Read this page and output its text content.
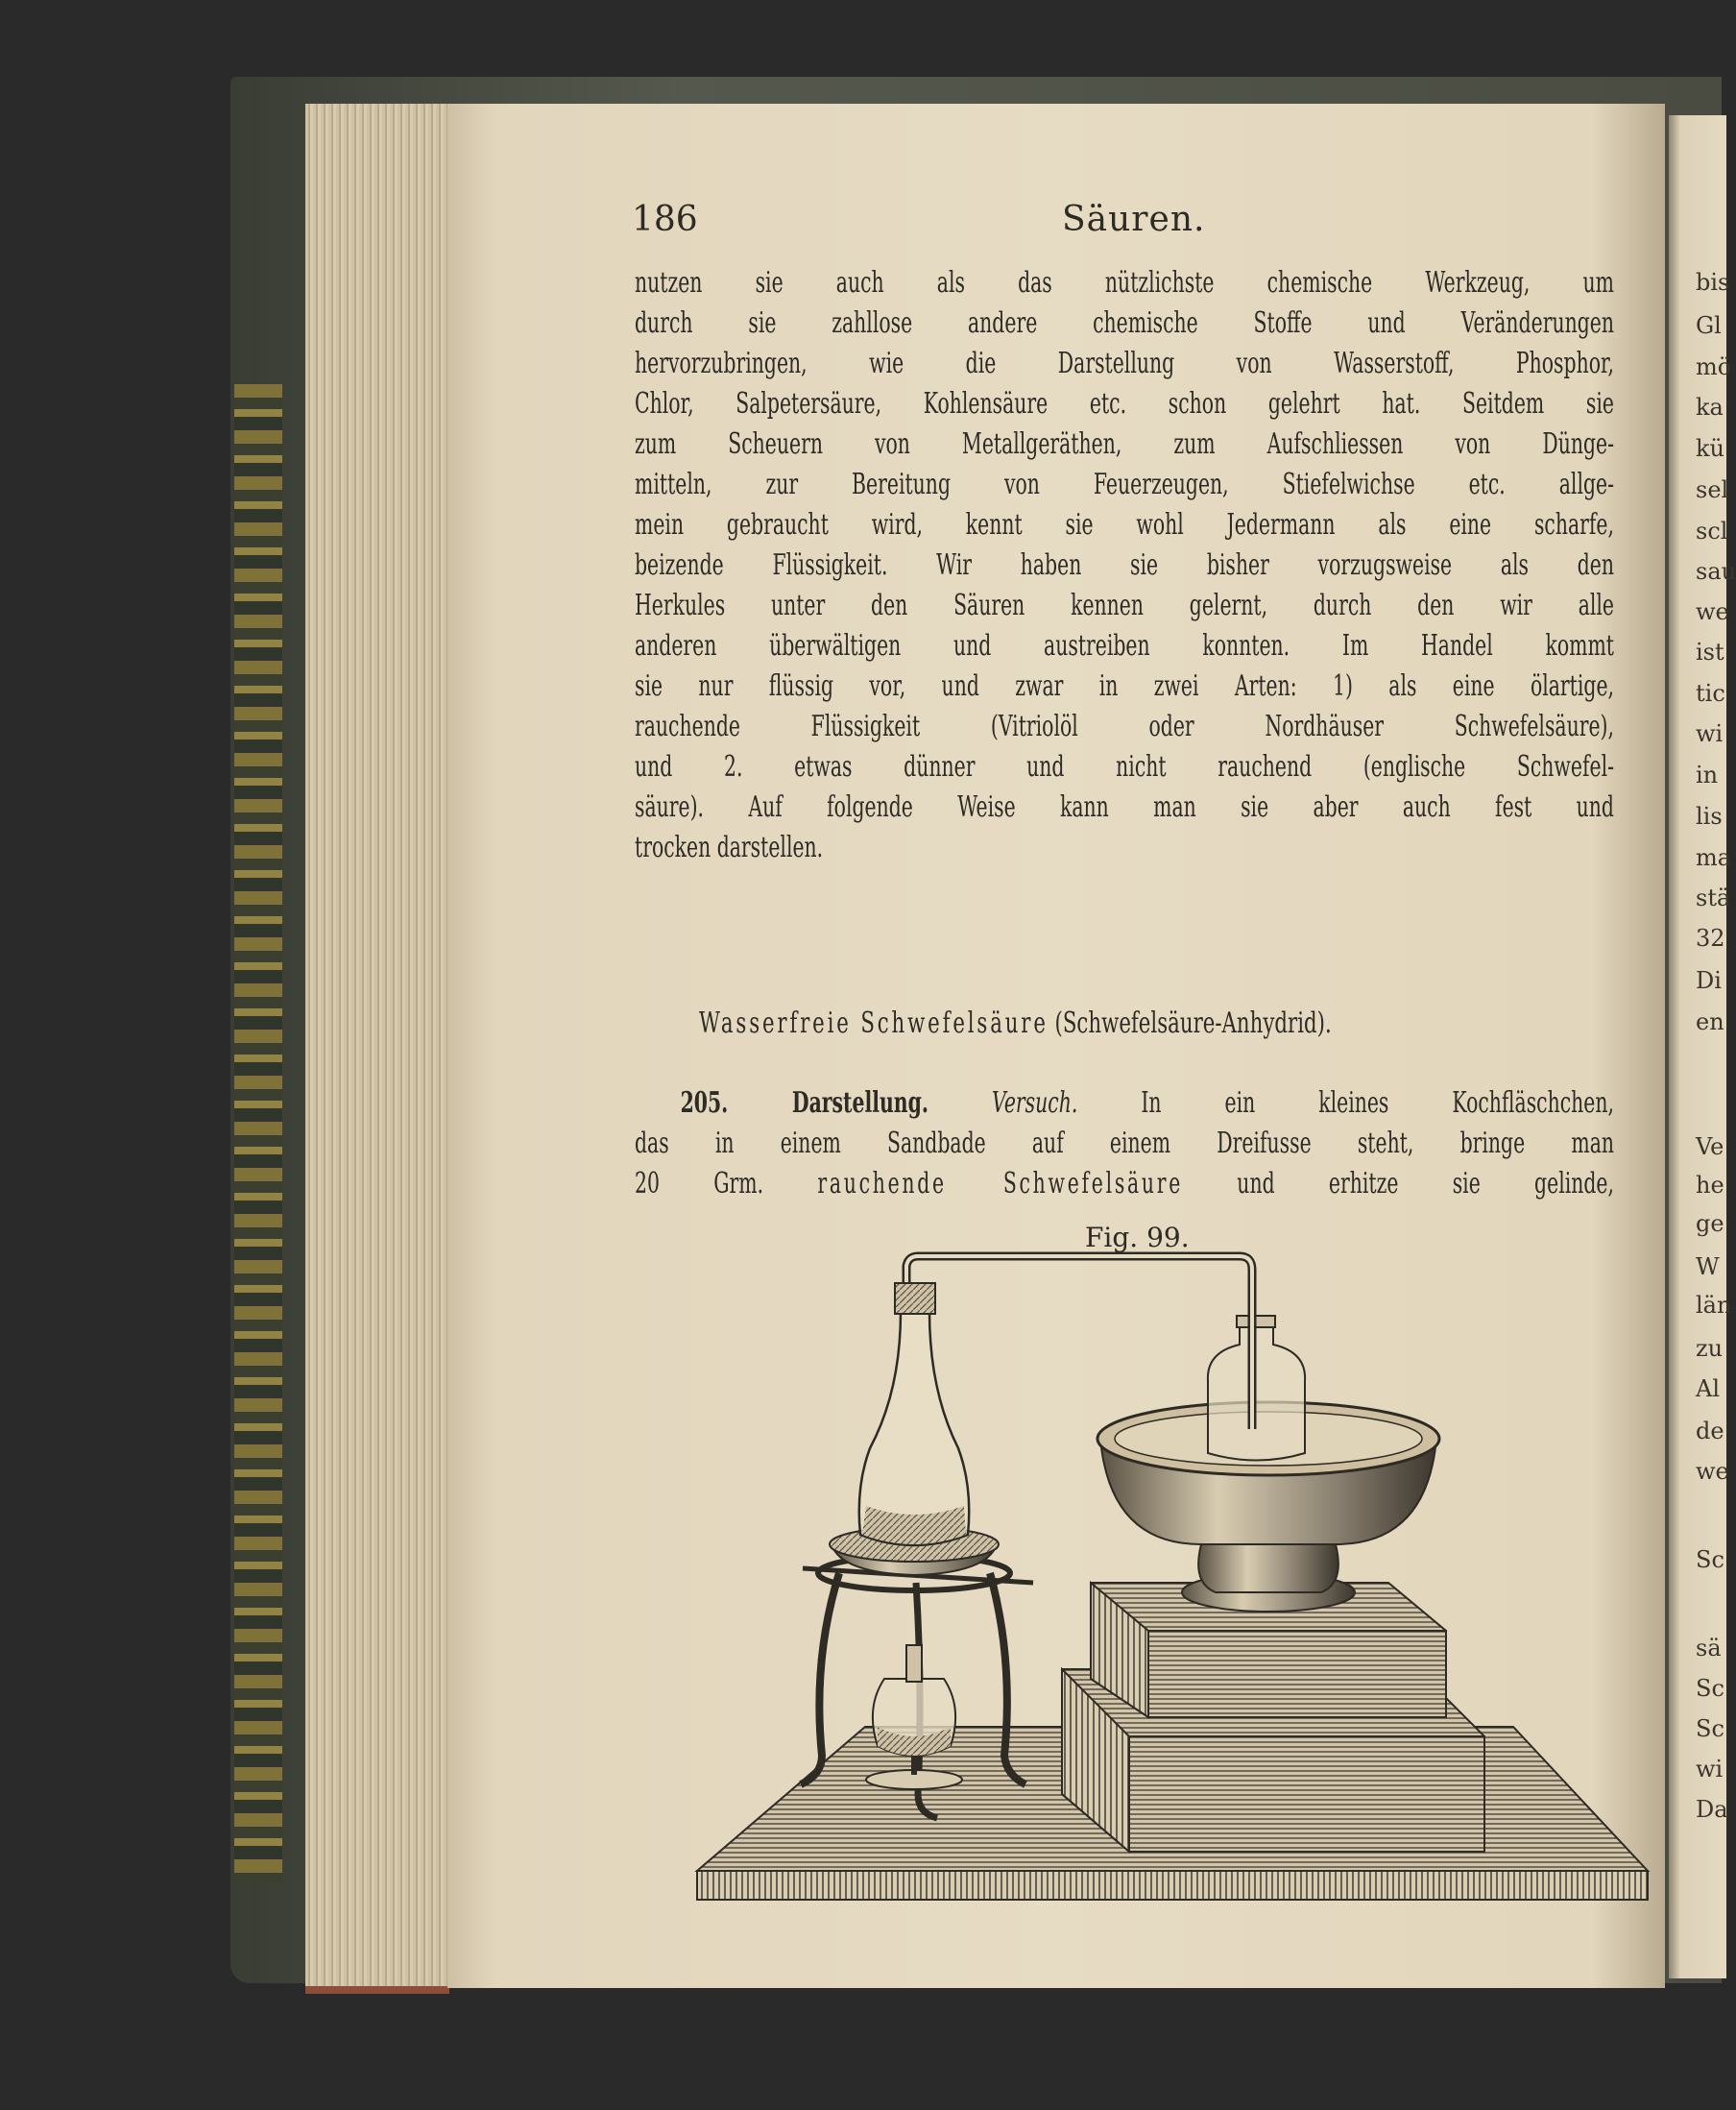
186	Säuren.
nutzen sie auch als das nützlichste chemische Werkzeug, um
durch sie zahllose andere chemische Stoffe und Veränderungen
hervorzubringen, wie die Darstellung von Wasserstoff, Phosphor,
Chlor, Salpetersäure, Kohlensäure etc. schon gelehrt hat. Seitdem sie
zum Scheuern von Metallgeräthen, zum Aufschliessen von Dünge-
mitteln, zur Bereitung von Feuerzeugen, Stiefelwichse etc. allge-
mein gebraucht wird, kennt sie wohl Jedermann als eine scharfe,
beizende Flüssigkeit. Wir haben sie bisher vorzugsweise als den
Herkules unter den Säuren kennen gelernt, durch den wir alle
anderen überwältigen und austreiben konnten. Im Handel kommt
sie nur flüssig vor, und zwar in zwei Arten: 1) als eine ölartige,
rauchende Flüssigkeit (Vitriolöl oder Nordhäuser Schwefelsäure),
und 2. etwas dünner und nicht rauchend (englische Schwefel-
säure). Auf folgende Weise kann man sie aber auch fest und
trocken darstellen.
Wasserfreie Schwefelsäure (Schwefelsäure-Anhydrid).
205. Darstellung. Versuch. In ein kleines Kochfläschchen,
das in einem Sandbade auf einem Dreifusse steht, bringe man
20 Grm. rauchende Schwefelsäure und erhitze sie gelinde,
Fig. 99.
bis
Gl
mö
ka
kü
sel
scl
sau
we
ist
tic
wi
in
lis
ma
stä
32
Di
en
Ve
he
ge
W
län
zu
Al
de
we
Sc
sä
Sc
Sc
wi
Da
